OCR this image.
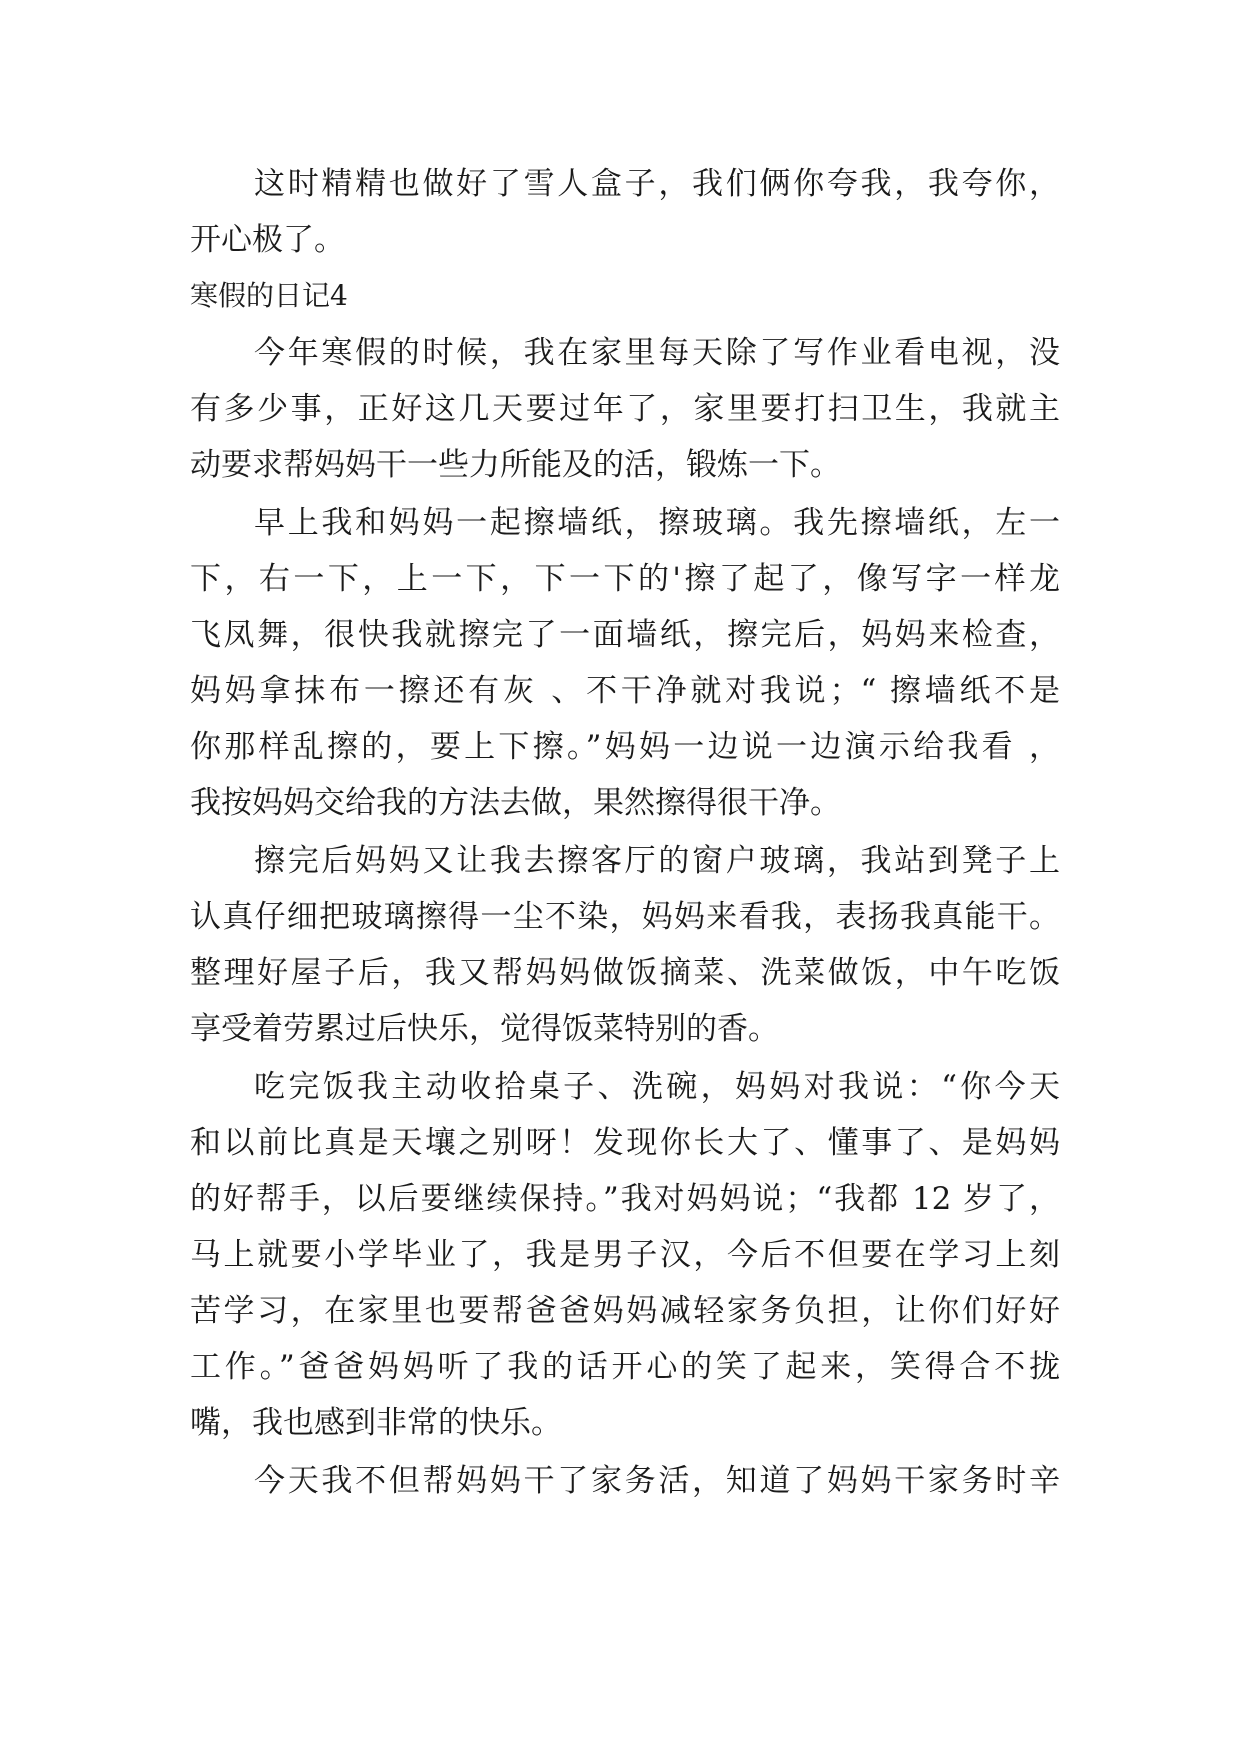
这时精精也做好了雪人盒子，我们俩你夸我，我夸你，
开心极了。
寒假的日记4
今年寒假的时候，我在家里每天除了写作业看电视，没
有多少事，正好这几天要过年了，家里要打扫卫生，我就主
动要求帮妈妈干一些力所能及的活，锻炼一下。
早上我和妈妈一起擦墙纸，擦玻璃。我先擦墙纸，左一
下，右一下，上一下，下一下的'擦了起了，像写字一样龙
飞凤舞，很快我就擦完了一面墙纸，擦完后，妈妈来检查，
妈妈拿抹布一擦还有灰 、不干净就对我说；“ 擦墙纸不是
你那样乱擦的，要上下擦。”妈妈一边说一边演示给我看 ，
我按妈妈交给我的方法去做，果然擦得很干净。
擦完后妈妈又让我去擦客厅的窗户玻璃，我站到凳子上
认真仔细把玻璃擦得一尘不染，妈妈来看我，表扬我真能干。
整理好屋子后，我又帮妈妈做饭摘菜、洗菜做饭，中午吃饭
享受着劳累过后快乐，觉得饭菜特别的香。
吃完饭我主动收拾桌子、洗碗，妈妈对我说：“你今天
和以前比真是天壤之别呀！发现你长大了、懂事了、是妈妈
的好帮手，以后要继续保持。”我对妈妈说；“我都 12 岁了，
马上就要小学毕业了，我是男子汉，今后不但要在学习上刻
苦学习，在家里也要帮爸爸妈妈减轻家务负担，让你们好好
工作。”爸爸妈妈听了我的话开心的笑了起来，笑得合不拢
嘴，我也感到非常的快乐。
今天我不但帮妈妈干了家务活，知道了妈妈干家务时辛
